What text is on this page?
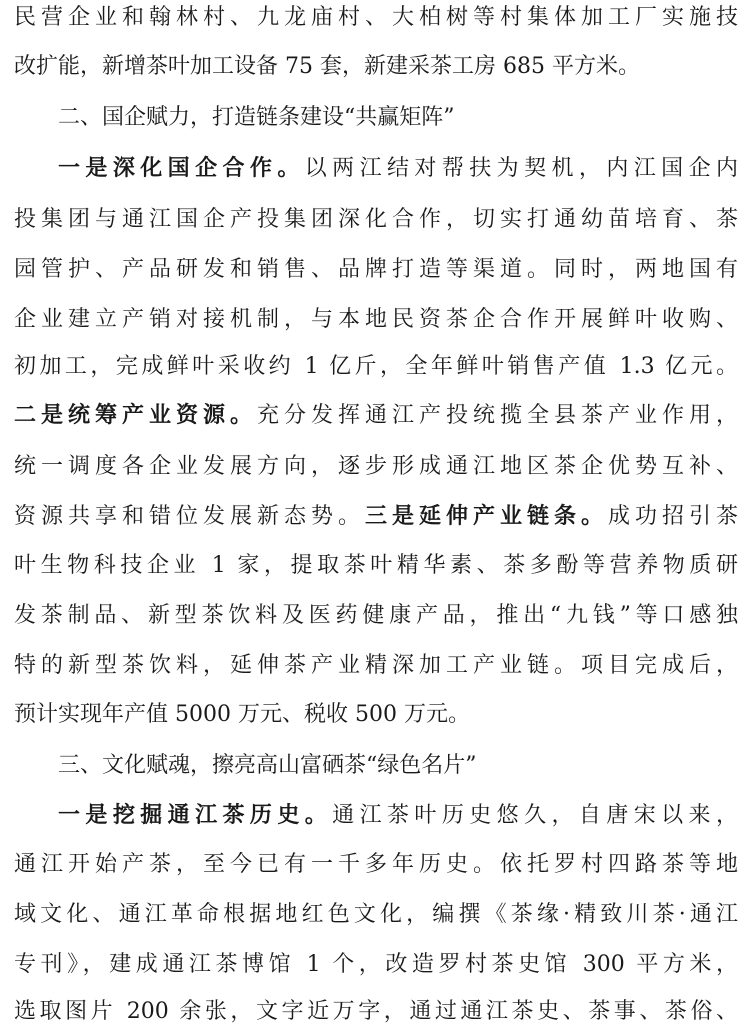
民营企业和翰林村、九龙庙村、大柏树等村集体加工厂实施技
改扩能，新增茶叶加工设备 75 套，新建采茶工房 685 平方米。
二、国企赋力，打造链条建设“共赢矩阵”
一是深化国企合作。以两江结对帮扶为契机，内江国企内
投集团与通江国企产投集团深化合作，切实打通幼苗培育、茶
园管护、产品研发和销售、品牌打造等渠道。同时，两地国有
企业建立产销对接机制，与本地民资茶企合作开展鲜叶收购、
初加工，完成鲜叶采收约 1 亿斤，全年鲜叶销售产值 1.3 亿元。
二是统筹产业资源。充分发挥通江产投统揽全县茶产业作用，
统一调度各企业发展方向，逐步形成通江地区茶企优势互补、
资源共享和错位发展新态势。三是延伸产业链条。成功招引茶
叶生物科技企业 1 家，提取茶叶精华素、茶多酚等营养物质研
发茶制品、新型茶饮料及医药健康产品，推出“九钱”等口感独
特的新型茶饮料，延伸茶产业精深加工产业链。项目完成后，
预计实现年产值 5000 万元、税收 500 万元。
三、文化赋魂，擦亮高山富硒茶“绿色名片”
一是挖掘通江茶历史。通江茶叶历史悠久，自唐宋以来，
通江开始产茶，至今已有一千多年历史。依托罗村四路茶等地
域文化、通江革命根据地红色文化，编撰《茶缘·精致川茶·通江
专刊》，建成通江茶博馆 1 个，改造罗村茶史馆 300 平方米，
选取图片 200 余张，文字近万字，通过通江茶史、茶事、茶俗、
